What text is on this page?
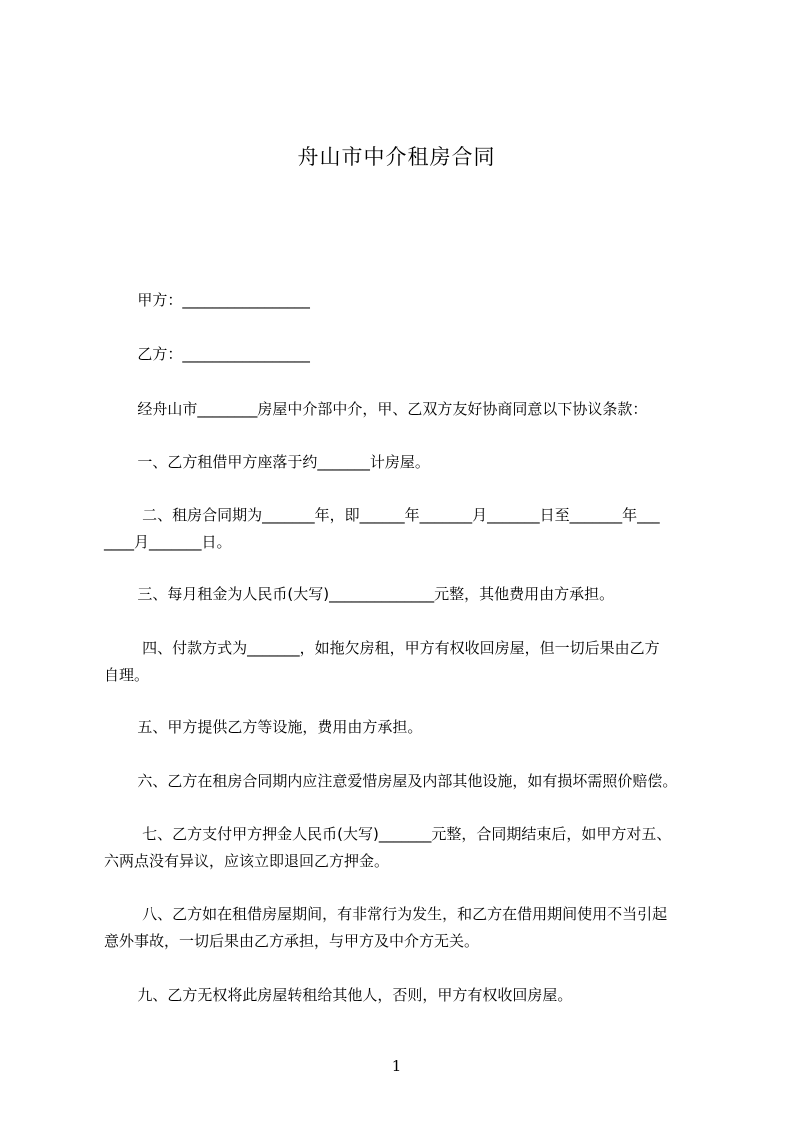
舟山市中介租房合同
甲方：_________________
乙方：_________________
经舟山市________房屋中介部中介，甲、乙双方友好协商同意以下协议条款：
一、乙方租借甲方座落于约_______计房屋。
二、租房合同期为_______年，即______年_______月_______日至_______年___
____月_______日。
三、每月租金为人民币(大写)______________元整，其他费用由方承担。
四、付款方式为_______，如拖欠房租，甲方有权收回房屋，但一切后果由乙方
自理。
五、甲方提供乙方等设施，费用由方承担。
六、乙方在租房合同期内应注意爱惜房屋及内部其他设施，如有损坏需照价赔偿。
七、乙方支付甲方押金人民币(大写)_______元整，合同期结束后，如甲方对五、
六两点没有异议，应该立即退回乙方押金。
八、乙方如在租借房屋期间，有非常行为发生，和乙方在借用期间使用不当引起
意外事故，一切后果由乙方承担，与甲方及中介方无关。
九、乙方无权将此房屋转租给其他人，否则，甲方有权收回房屋。
1
